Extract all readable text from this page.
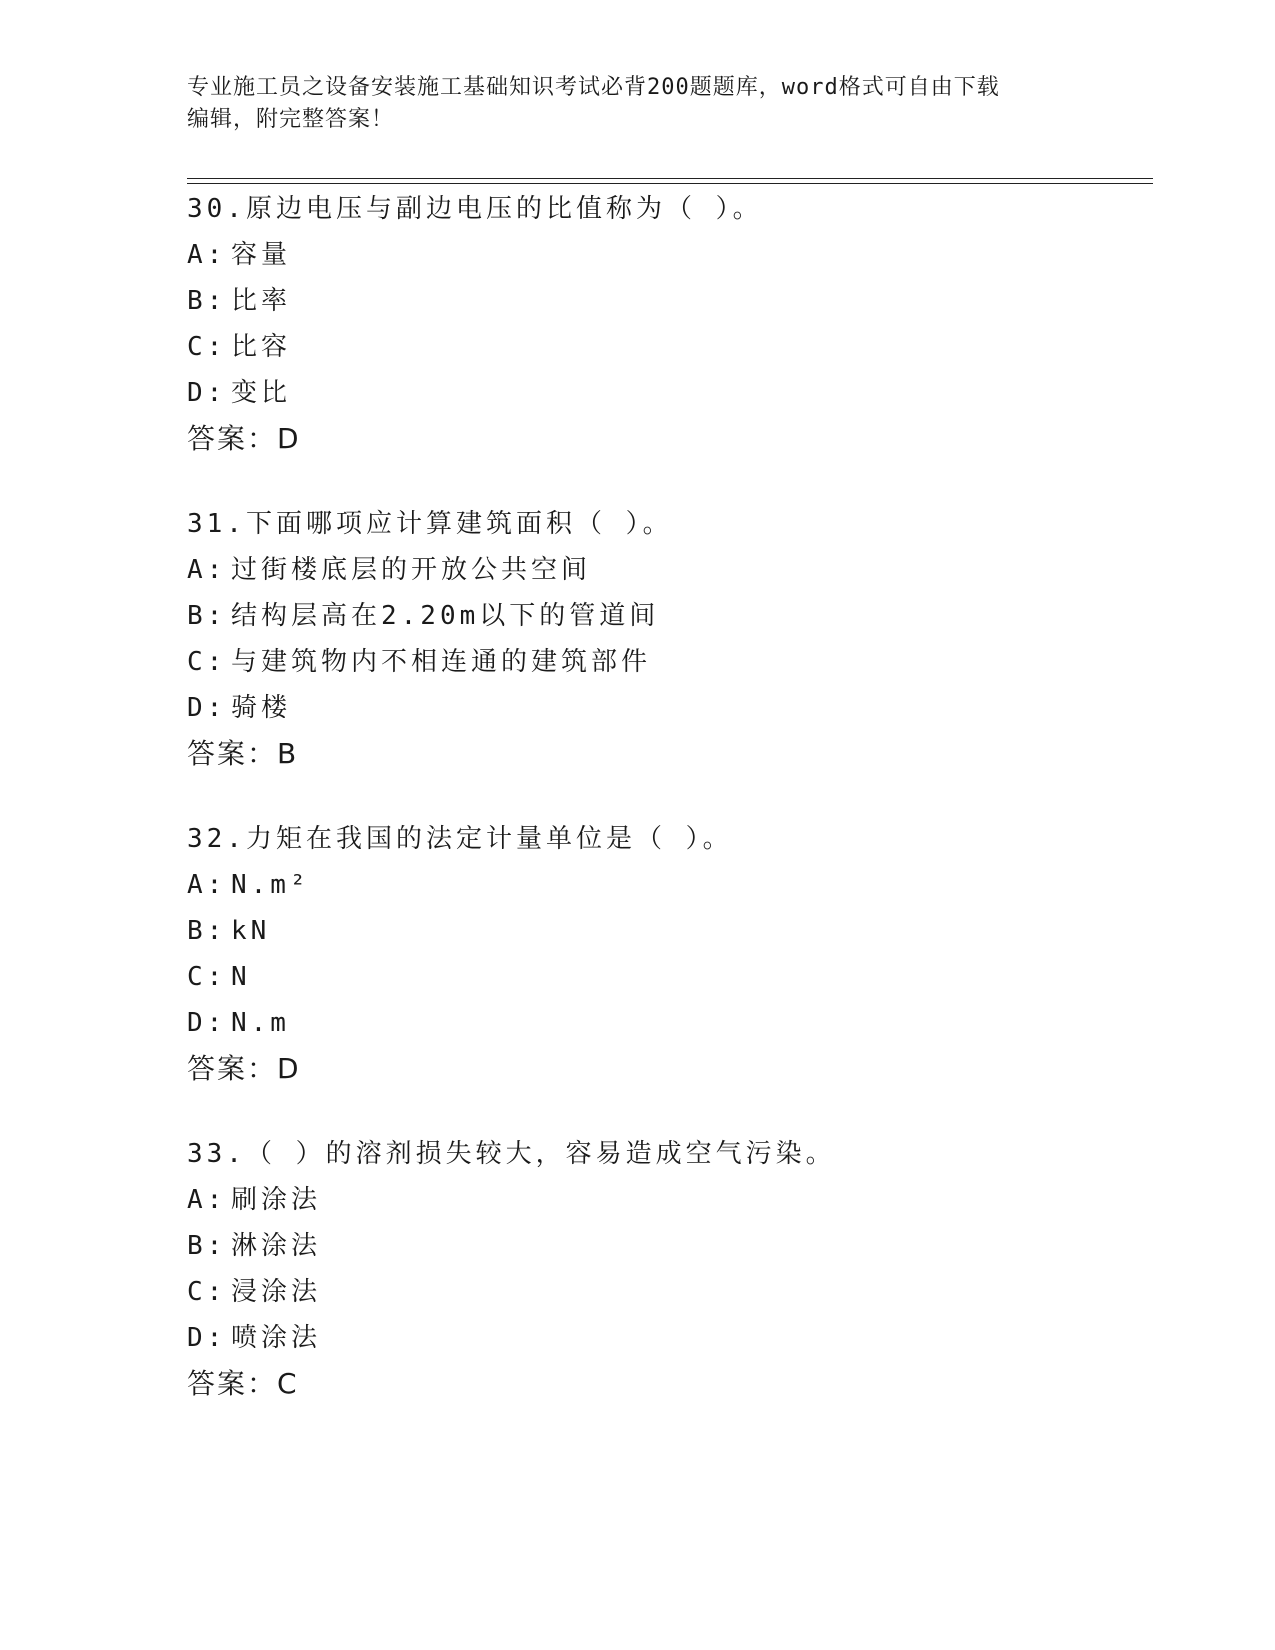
专业施工员之设备安装施工基础知识考试必背200题题库，word格式可自由下载
编辑，附完整答案！
30.原边电压与副边电压的比值称为（ ）。
A: 容量
B: 比率
C: 比容
D: 变比
答案：D
31.下面哪项应计算建筑面积（ ）。
A: 过街楼底层的开放公共空间
B: 结构层高在2.20m以下的管道间
C: 与建筑物内不相连通的建筑部件
D: 骑楼
答案：B
32.力矩在我国的法定计量单位是（ ）。
A: N.m²
B: kN
C: N
D: N.m
答案：D
33.（ ）的溶剂损失较大，容易造成空气污染。
A: 刷涂法
B: 淋涂法
C: 浸涂法
D: 喷涂法
答案：C
